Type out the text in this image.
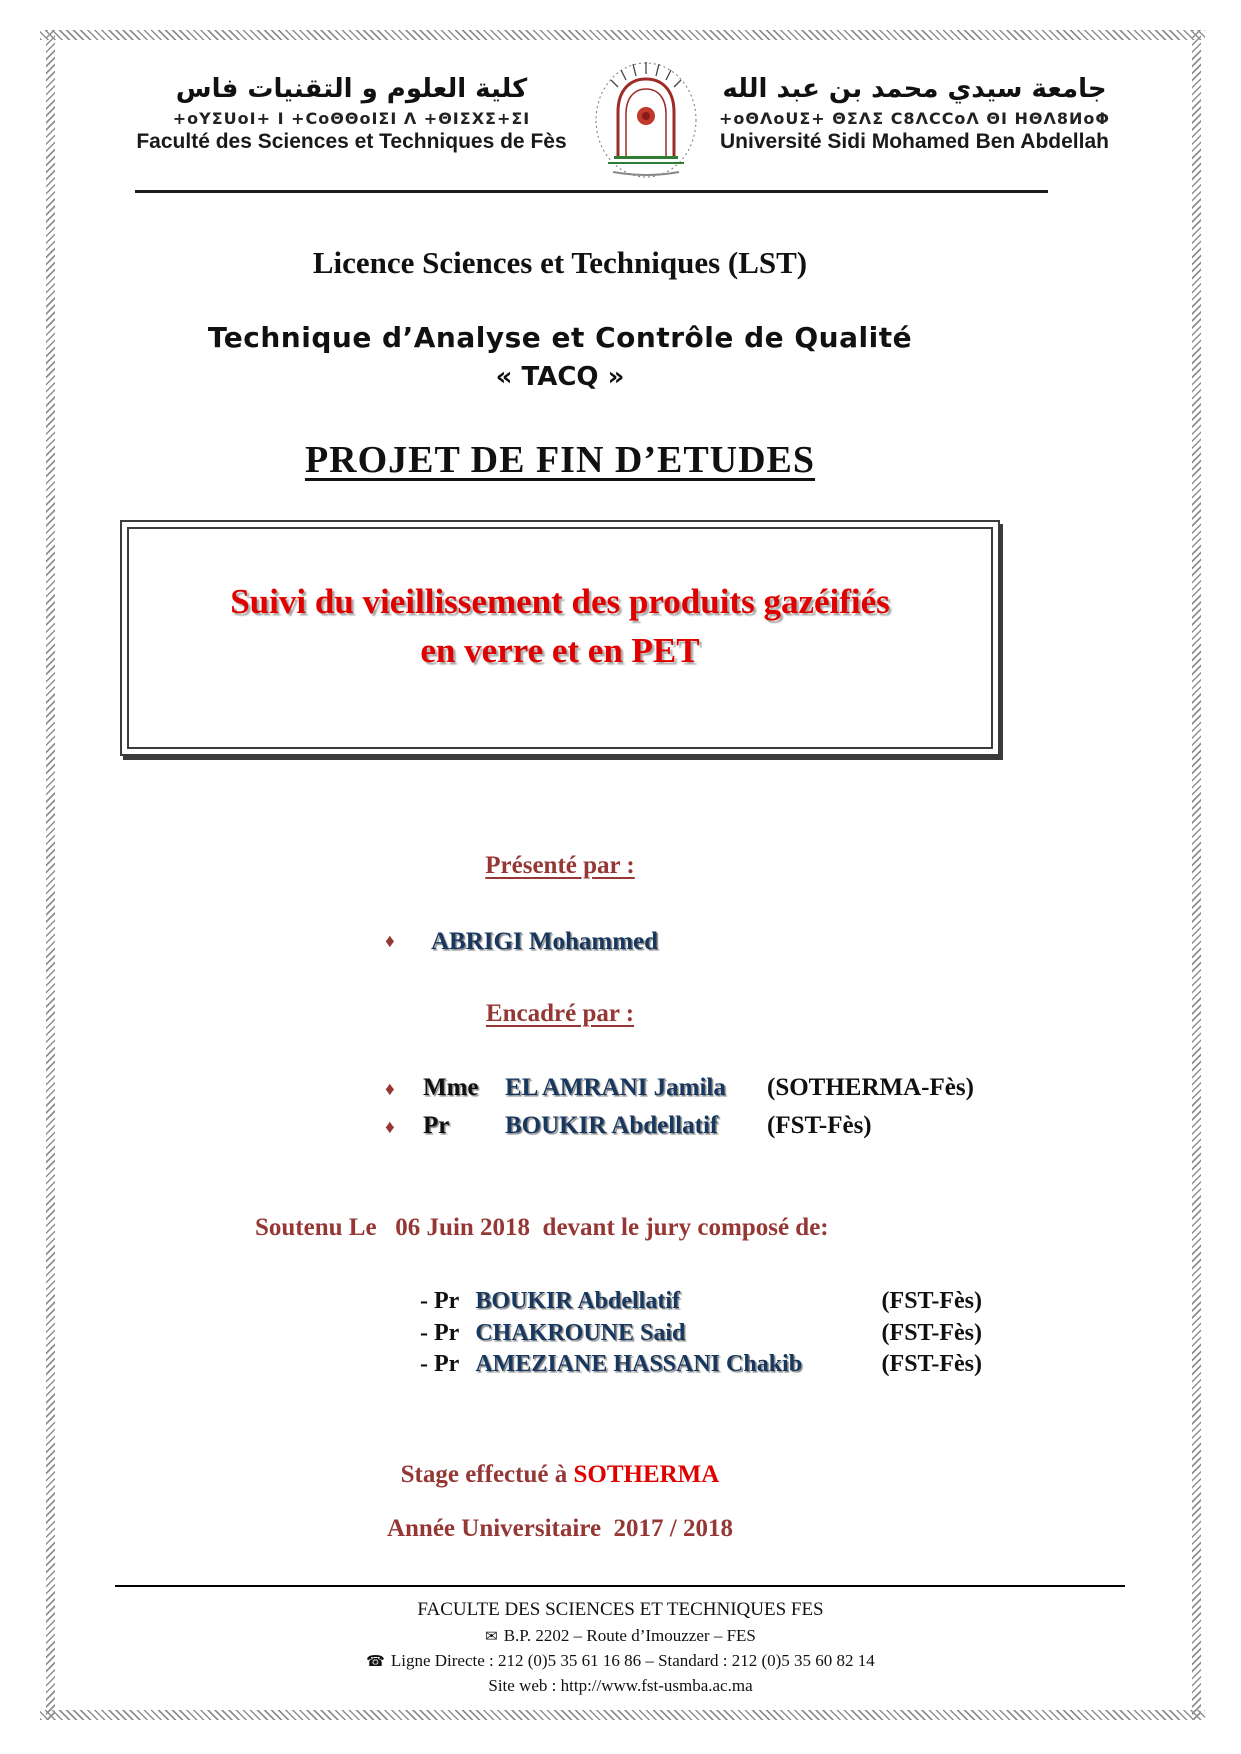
كلية العلوم و التقنيات فاس
+oYΣUoI+ I +CoΘΘoIΣI Λ +ΘIΣXΣ+ΣI
Faculté des Sciences et Techniques de Fès
جامعة سيدي محمد بن عبد الله
+oΘΛoUΣ+ ΘΣΛΣ C8ΛCCoΛ ΘI HΘΛ8ИoΦ
Université Sidi Mohamed Ben Abdellah
Licence Sciences et Techniques (LST)
Technique d’Analyse et Contrôle de Qualité
« TACQ »
PROJET DE FIN D’ETUDES
Suivi du vieillissement des produits gazéifiés
en verre et en PET
Présenté par :
♦ ABRIGI Mohammed
Encadré par :
♦	Mme	EL AMRANI Jamila	(SOTHERMA-Fès)
♦	Pr	BOUKIR Abdellatif	(FST-Fès)
Soutenu Le   06 Juin 2018  devant le jury composé de:
- Pr BOUKIR Abdellatif	(FST-Fès)
- Pr CHAKROUNE Said	(FST-Fès)
- Pr AMEZIANE HASSANI Chakib	(FST-Fès)
Stage effectué à SOTHERMA
Année Universitaire  2017 / 2018
FACULTE DES SCIENCES ET TECHNIQUES FES
✉ B.P. 2202 – Route d’Imouzzer – FES
☎ Ligne Directe : 212 (0)5 35 61 16 86 – Standard : 212 (0)5 35 60 82 14
Site web : http://www.fst-usmba.ac.ma
